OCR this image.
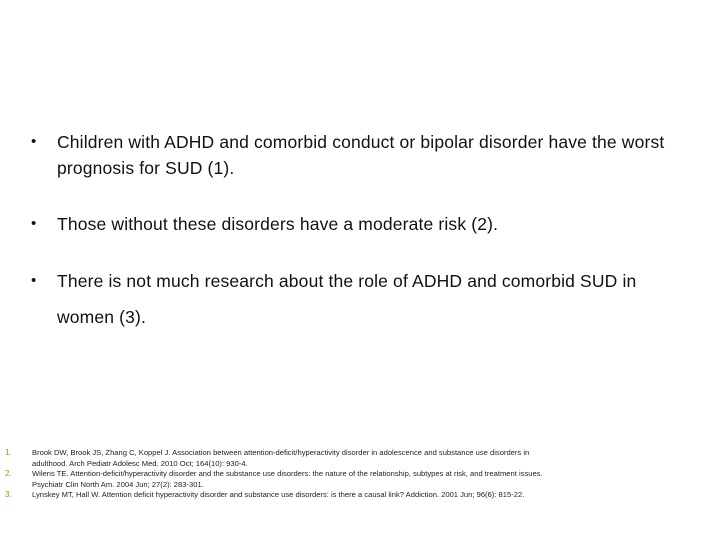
•	Children with ADHD and comorbid conduct or bipolar disorder have the worst prognosis for SUD (1).
•	Those without these disorders have a moderate risk (2).
•	There is not much research about the role of ADHD and comorbid SUD in women (3).
1.	Brook DW, Brook JS, Zhang C, Koppel J. Association between attention-deficit/hyperactivity disorder in adolescence and substance use disorders in adulthood. Arch Pediatr Adolesc Med. 2010 Oct; 164(10): 930-4.
2.	Wilens TE. Attention-deficit/hyperactivity disorder and the substance use disorders: the nature of the relationship, subtypes at risk, and treatment issues. Psychiatr Clin North Am. 2004 Jun; 27(2): 283-301.
3.	Lynskey MT, Hall W. Attention deficit hyperactivity disorder and substance use disorders: is there a causal link? Addiction. 2001 Jun; 96(6): 815-22.
